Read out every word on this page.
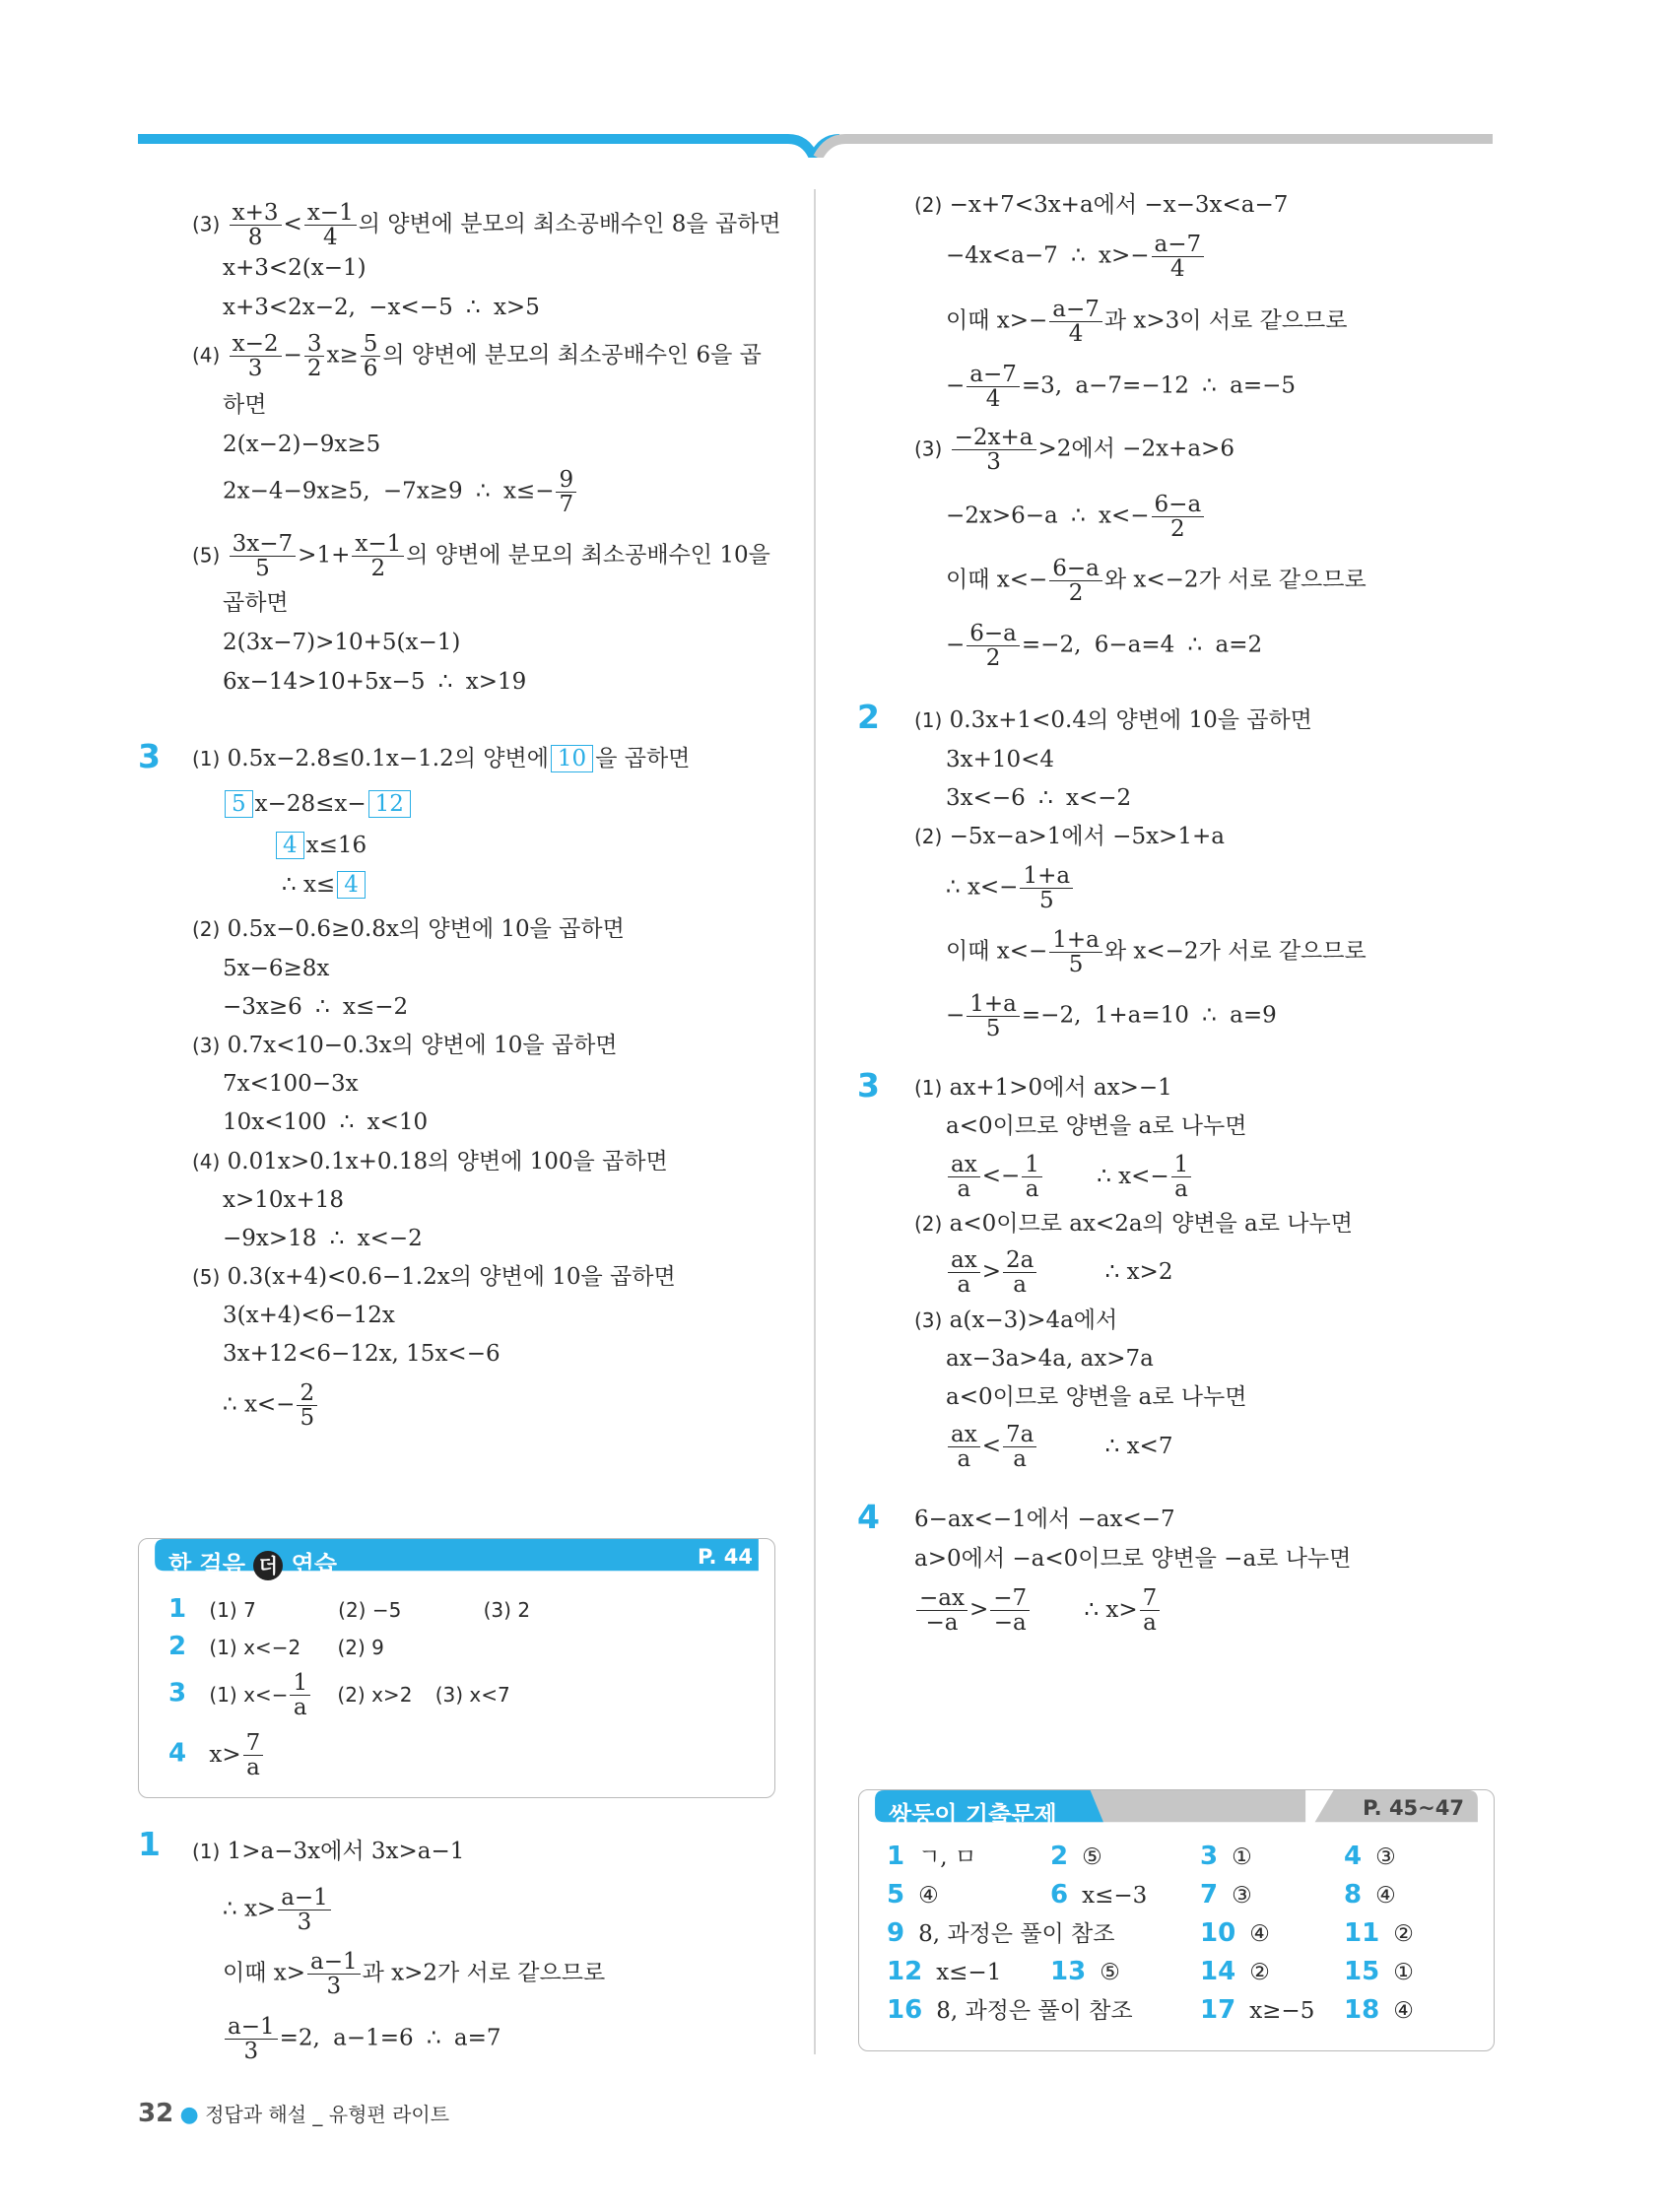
$(3) \frac{x+3}{8} < \frac{x-1}{4}$ 의 양변에 분모의 최소공배수인 8을 곱하면
x+3<2(x−1)
x+3<2x−2, −x<−5 ∴ x>5
$(4) \frac{x-2}{3} - \frac{3}{2} x\ge \frac{5}{6}$ 의 양변에 분모의 최소공배수인 6을 곱
하면
2(x−2)−9x≥5
2x−4−9x≥5, −7x≥9 ∴ $x\le- \frac{9}{7}$
$(5) \frac{3x-7}{5} >1+ \frac{x-1}{2}$ 의 양변에 분모의 최소공배수인 10을
곱하면
2(3x−7)>10+5(x−1)
6x−14>10+5x−5 ∴ x>19
3 (1) 0.5x−2.8≤0.1x−1.2의 양변에 10 을 곱하면
5 x−28≤x− 12
4 x≤16
∴ x≤ 4
(2) 0.5x−0.6≥0.8x의 양변에 10을 곱하면
5x−6≥8x
−3x≥6 ∴ x≤−2
(3) 0.7x<10−0.3x의 양변에 10을 곱하면
7x<100−3x
10x<100 ∴ x<10
(4) 0.01x>0.1x+0.18의 양변에 100을 곱하면
x>10x+18
−9x>18 ∴ x<−2
(5) 0.3(x+4)<0.6−1.2x의 양변에 10을 곱하면
3(x+4)<6−12x
3x+12<6−12x, 15x<−6
∴ $x<- \frac{2}{5}$
한 걸음 더 연습	P. 44
1 (1) 7	(2) −5	(3) 2
2 (1) x<−2 (2) 9
3 (1) $x<- \frac{1}{a} (2)$ x>2 (3) x<7
4 $x> \frac{7}{a}$
1 (1) 1>a−3x에서 3x>a−1
∴ $x> \frac{a-1}{3}$
이때 $x> \frac{a-1}{3}$ 과 x>2가 서로 같으므로
$\frac{a-1}{3} =2$, a−1=6 ∴ a=7
(2) −x+7<3x+a에서 −x−3x<a−7
−4x<a−7 ∴ $x>- \frac{a-7}{4}$
이때 $x>- \frac{a-7}{4}$ 과 x>3이 서로 같으므로
− $\frac{a-7}{4} =3$, a−7=−12 ∴ a=−5
$(3) \frac{-2x+a}{3} >2$에서 −2x+a>6
−2x>6−a ∴ $x<- \frac{6-a}{2}$
이때 $x<- \frac{6-a}{2}$ 와 x<−2가 서로 같으므로
− $\frac{6-a}{2} =-2$, 6−a=4 ∴ a=2
2 (1) 0.3x+1<0.4의 양변에 10을 곱하면
3x+10<4
3x<−6 ∴ x<−2
(2) −5x−a>1에서 −5x>1+a
∴ $x<- \frac{1+a}{5}$
이때 $x<- \frac{1+a}{5}$ 와 x<−2가 서로 같으므로
− $\frac{1+a}{5} =-2$, 1+a=10 ∴ a=9
3 (1) ax+1>0에서 ax>−1
a<0이므로 양변을 a로 나누면
$\frac{ax}{a} <- \frac{1}{a}$ ∴ $x<- \frac{1}{a}$
(2) a<0이므로 ax<2a의 양변을 a로 나누면
$\frac{ax}{a} > \frac{2a}{a}$	∴ x>2
(3) a(x−3)>4a에서
ax−3a>4a, ax>7a
a<0이므로 양변을 a로 나누면
$\frac{ax}{a} < \frac{7a}{a}$	∴ x<7
4 6−ax<−1에서 −ax<−7
a>0에서 −a<0이므로 양변을 −a로 나누면
$\frac{-ax}{-a} > \frac{-7}{-a}$ ∴ $x> \frac{7}{a}$
쌍둥이 기출문제	P. 45~47
1 ㄱ, ㅁ	2 ⑤	3 ①	4 ③
5 ④	6 x≤−3 7 ③	8 ④
9 8, 과정은 풀이 참조	10 ④	11 ②
12 x≤−1 13 ⑤	14 ②	15 ①
16 8, 과정은 풀이 참조	17 x≥−5 18 ④
32 ● 정답과 해설 _ 유형편 라이트
